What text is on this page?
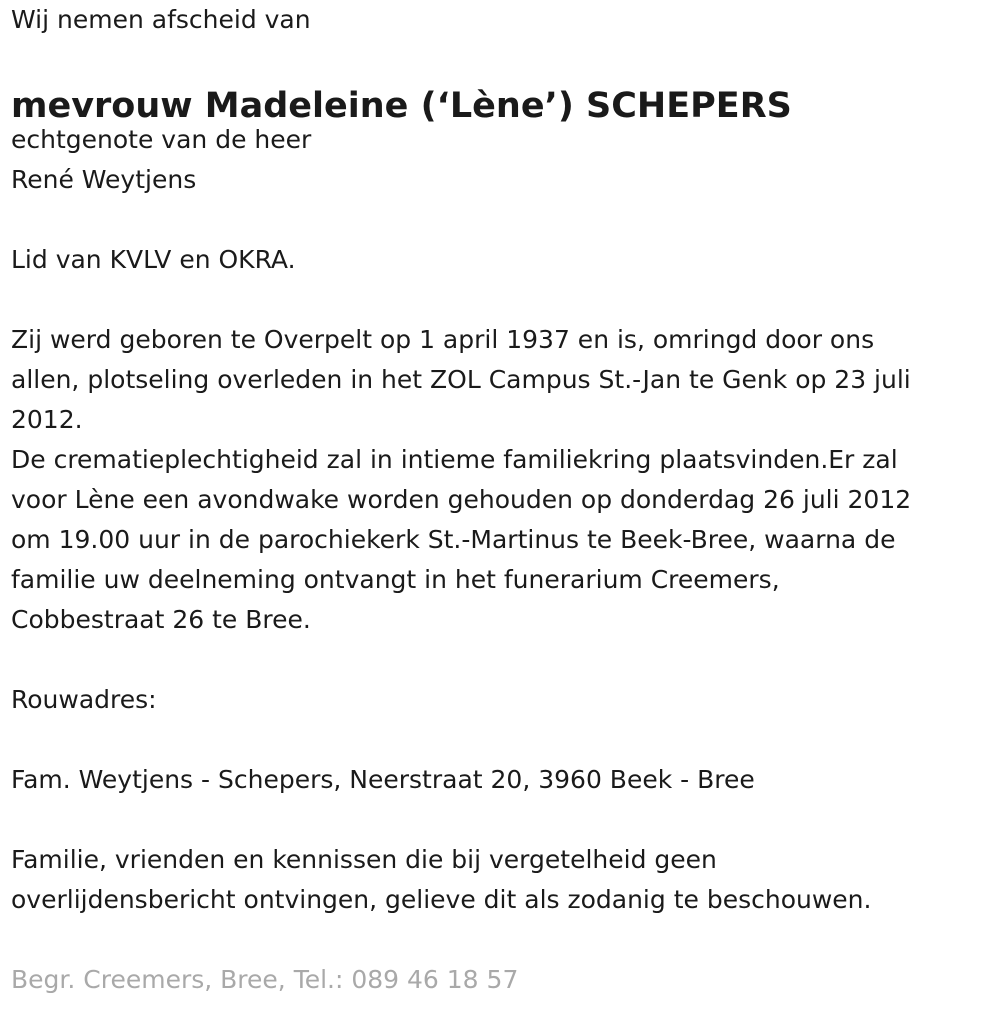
Wij nemen afscheid van

mevrouw Madeleine (‘Lène’) SCHEPERS

echtgenote van de heer

René Weytjens

Lid van KVLV en OKRA.

Zij werd geboren te Overpelt op 1 april 1937 en is, omringd door ons

allen, plotseling overleden in het ZOL Campus St.-Jan te Genk op 23 juli

2012.

De crematieplechtigheid zal in intieme familiekring plaatsvinden.Er zal

voor Lène een avondwake worden gehouden op donderdag 26 juli 2012

om 19.00 uur in de parochiekerk St.-Martinus te Beek-Bree, waarna de

familie uw deelneming ontvangt in het funerarium Creemers,

Cobbestraat 26 te Bree.

Rouwadres:

Fam. Weytjens - Schepers, Neerstraat 20, 3960 Beek - Bree

Familie, vrienden en kennissen die bij vergetelheid geen

overlijdensbericht ontvingen, gelieve dit als zodanig te beschouwen.

Begr. Creemers, Bree, Tel.: 089 46 18 57
